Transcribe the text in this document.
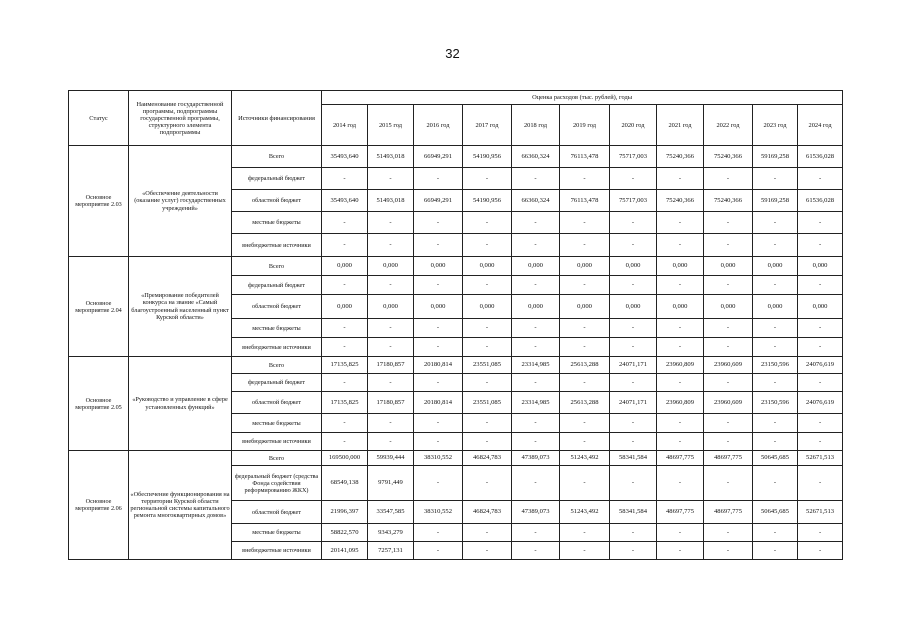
32
Статус	Наименование государственной программы, подпрограммы государственной программы, структурного элемента подпрограммы	Источники финансирования	Оценка расходов (тыс. рублей), годы										
			2014 год	2015 год	2016 год	2017 год	2018 год	2019 год	2020 год	2021 год	2022 год	2023 год	2024 год
Основное мероприятие 2.03	«Обеспечение деятельности (оказание услуг) государственных учреждений»	Всего	35493,640	51493,018	66949,291	54190,956	66360,324	76113,478	75717,003	75240,366	75240,366	59169,258	61536,028
		федеральный бюджет	-	-	-	-	-	-	-	-	-	-	-
		областной бюджет	35493,640	51493,018	66949,291	54190,956	66360,324	76113,478	75717,003	75240,366	75240,366	59169,258	61536,028
		местные бюджеты	-	-	-	-	-	-	-	-	-	-	-
		внебюджетные источники	-	-	-	-	-	-	-	-	-	-	-
Основное мероприятие 2.04	«Премирование победителей конкурса на звание «Самый благоустроенный населенный пункт Курской области»	Всего	0,000	0,000	0,000	0,000	0,000	0,000	0,000	0,000	0,000	0,000	0,000
		федеральный бюджет	-	-	-	-	-	-	-	-	-	-	-
		областной бюджет	0,000	0,000	0,000	0,000	0,000	0,000	0,000	0,000	0,000	0,000	0,000
		местные бюджеты	-	-	-	-	-	-	-	-	-	-	-
		внебюджетные источники	-	-	-	-	-	-	-	-	-	-	-
Основное мероприятие 2.05	«Руководство и управление в сфере установленных функций»	Всего	17135,825	17180,857	20180,814	23551,085	23314,985	25613,288	24071,171	23960,809	23960,609	23150,596	24076,619
		федеральный бюджет	-	-	-	-	-	-	-	-	-	-	-
		областной бюджет	17135,825	17180,857	20180,814	23551,085	23314,985	25613,288	24071,171	23960,809	23960,609	23150,596	24076,619
		местные бюджеты	-	-	-	-	-	-	-	-	-	-	-
		внебюджетные источники	-	-	-	-	-	-	-	-	-	-	-
Основное мероприятие 2.06	«Обеспечение функционирования на территории Курской области региональной системы капитального ремонта многоквартирных домов»	Всего	169500,000	59939,444	38310,552	46824,783	47389,073	51243,492	58341,584	48697,775	48697,775	50645,685	52671,513
		федеральный бюджет (средства Фонда содействия реформированию ЖКХ)	68549,138	9791,449	-	-	-	-	-	-	-	-	-
		областной бюджет	21996,397	33547,585	38310,552	46824,783	47389,073	51243,492	58341,584	48697,775	48697,775	50645,685	52671,513
		местные бюджеты	58822,570	9343,279	-	-	-	-	-	-	-	-	-
		внебюджетные источники	20141,095	7257,131	-	-	-	-	-	-	-	-	-
